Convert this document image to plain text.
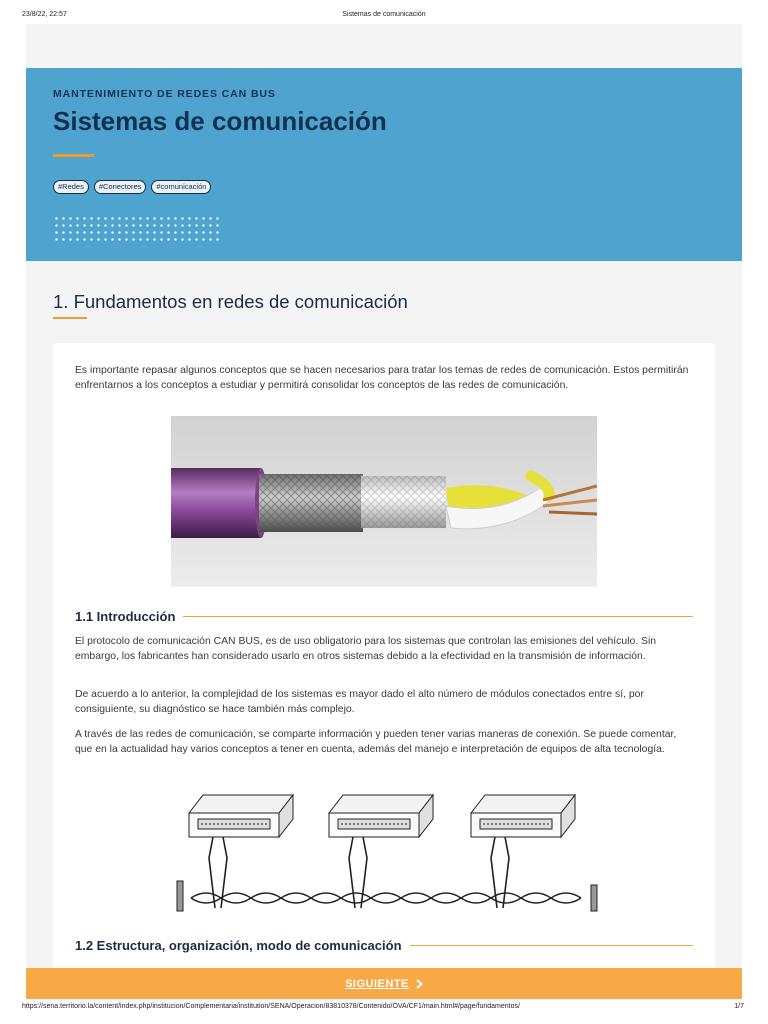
23/8/22, 22:57	Sistemas de comunicación
MANTENIMIENTO DE REDES CAN BUS
Sistemas de comunicación
#Redes	#Conectores	#comunicación
1. Fundamentos en redes de comunicación

Es importante repasar algunos conceptos que se hacen necesarios para tratar los temas de redes de comunicación. Estos permitirán enfrentarnos a los conceptos a estudiar y permitirá consolidar los conceptos de las redes de comunicación.

1.1 Introducción

El protocolo de comunicación CAN BUS, es de uso obligatorio para los sistemas que controlan las emisiones del vehículo. Sin embargo, los fabricantes han considerado usarlo en otros sistemas debido a la efectividad en la transmisión de información.

De acuerdo a lo anterior, la complejidad de los sistemas es mayor dado el alto número de módulos conectados entre sí, por consiguiente, su diagnóstico se hace también más complejo.

A través de las redes de comunicación, se comparte información y pueden tener varias maneras de conexión. Se puede comentar, que en la actualidad hay varios conceptos a tener en cuenta, además del manejo e interpretación de equipos de alta tecnología.

1.2 Estructura, organización, modo de comunicación
SIGUIENTE
https://sena.territorio.la/content/index.php/institucion/Complementaria/institution/SENA/Operacion/83810378/Contenido/OVA/CF1/main.html#/page/fundamentos/	1/7
